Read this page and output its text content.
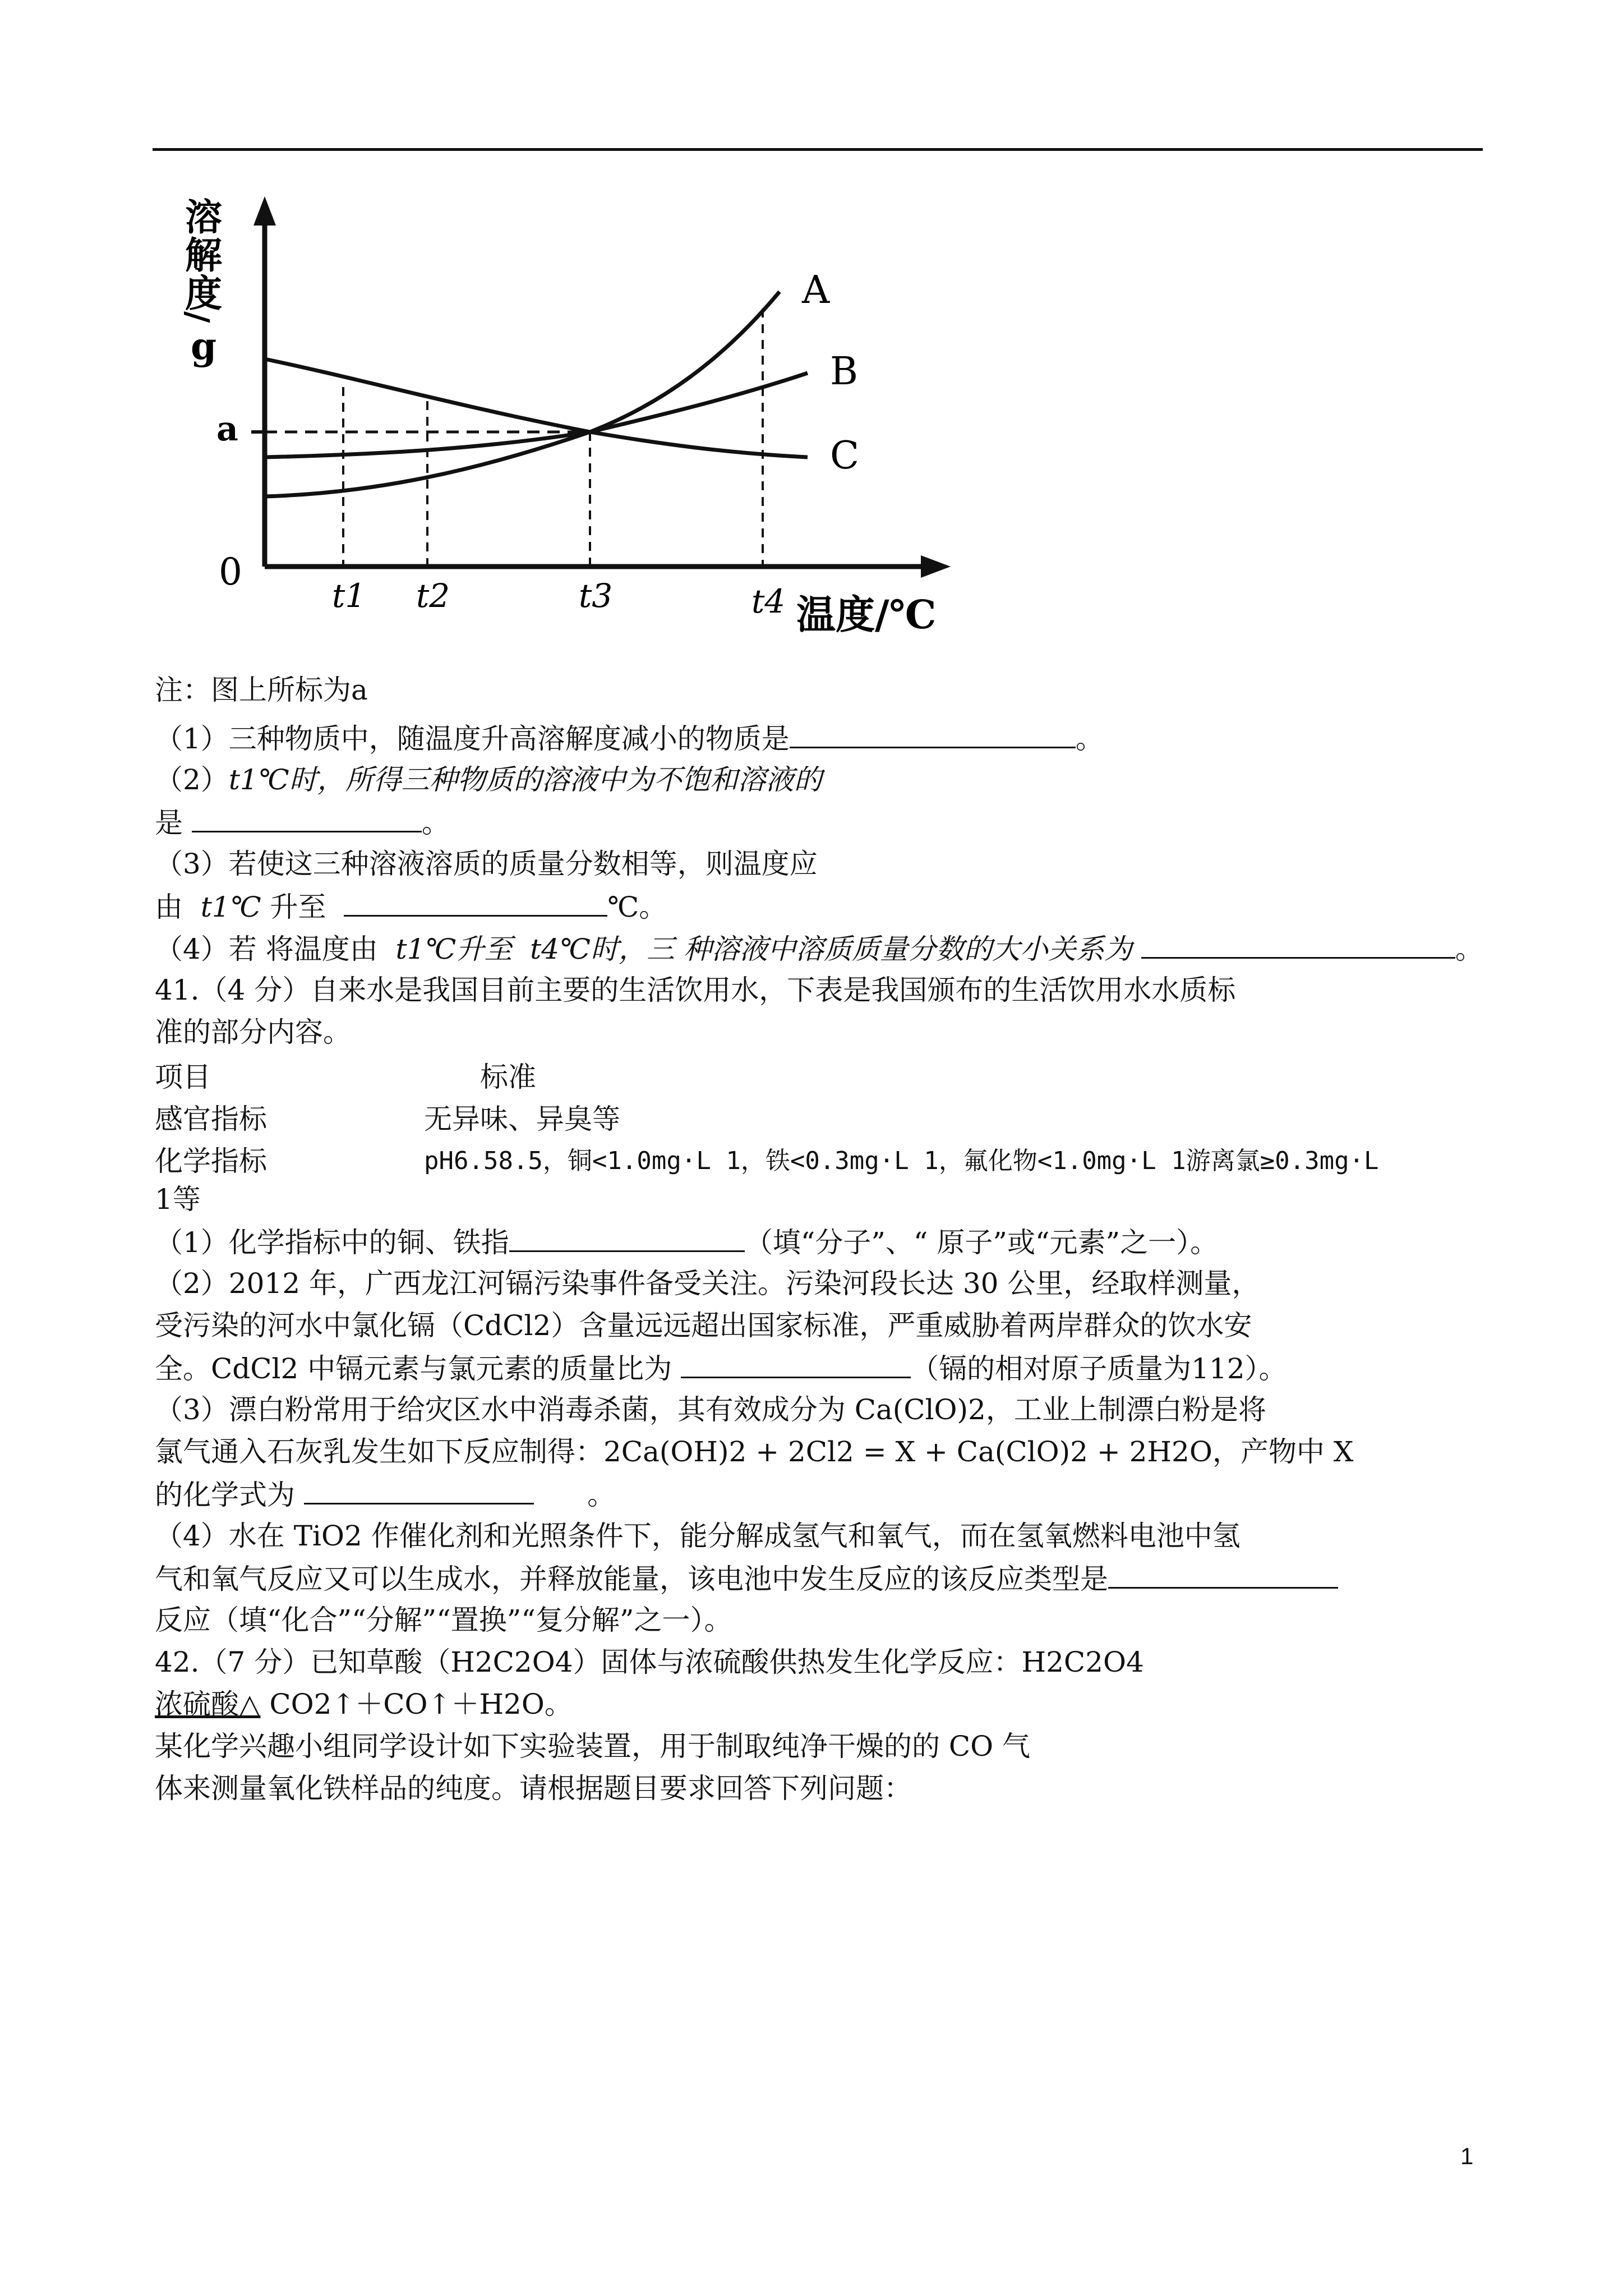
溶
解
度
/
g
0
a
A
B
C
t1 t2	t3	t4 温度/℃
注：图上所标为a
（1）三种物质中，随温度升高溶解度减小的物质是	。
（2）t1℃时，所得三种物质的溶液中为不饱和溶液的
是	。
（3）若使这三种溶液溶质的质量分数相等，则温度应
由 t1℃ 升至	℃。
（4）若 将温度由 t1℃升至 t4℃时，三 种溶液中溶质质量分数的大小关系为	。
41.（4 分）自来水是我国目前主要的生活饮用水，下表是我国颁布的生活饮用水水质标
准的部分内容。
项目	标准
感官指标	无异味、异臭等
化学指标	pH6.58.5，铜<1.0mg·L 1，铁<0.3mg·L 1，氟化物<1.0mg·L 1游离氯≥0.3mg·L
1等
（1）化学指标中的铜、铁指	（填“分子”、“ 原子”或“元素”之一）。
（2）2012 年，广西龙江河镉污染事件备受关注。污染河段长达 30 公里，经取样测量，
受污染的河水中氯化镉（CdCl2）含量远远超出国家标准，严重威胁着两岸群众的饮水安
全。CdCl2 中镉元素与氯元素的质量比为	（镉的相对原子质量为112）。
（3）漂白粉常用于给灾区水中消毒杀菌，其有效成分为 Ca(ClO)2，工业上制漂白粉是将
氯气通入石灰乳发生如下反应制得：2Ca(OH)2 + 2Cl2 = X + Ca(ClO)2 + 2H2O，产物中 X
的化学式为	。
（4）水在 TiO2 作催化剂和光照条件下，能分解成氢气和氧气，而在氢氧燃料电池中氢
气和氧气反应又可以生成水，并释放能量，该电池中发生反应的该反应类型是
反应（填“化合”“分解”“置换”“复分解”之一）。
42.（7 分）已知草酸（H2C2O4）固体与浓硫酸供热发生化学反应：H2C2O4
浓硫酸△ CO2↑＋CO↑＋H2O。
某化学兴趣小组同学设计如下实验装置，用于制取纯净干燥的的 CO 气
体来测量氧化铁样品的纯度。请根据题目要求回答下列问题：
1
